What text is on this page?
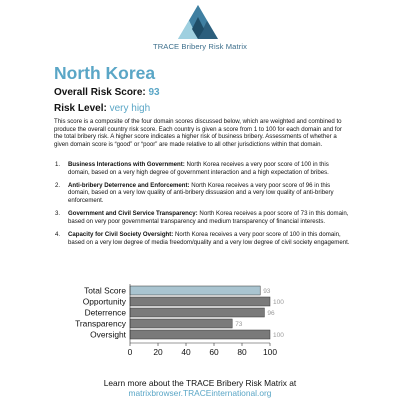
TRACE Bribery Risk Matrix
North Korea
Overall Risk Score: 93
Risk Level: very high
This score is a composite of the four domain scores discussed below, which are weighted and combined to produce the overall country risk score. Each country is given a score from 1 to 100 for each domain and for the total bribery risk. A higher score indicates a higher risk of business bribery. Assessments of whether a given domain score is “good” or “poor” are made relative to all other jurisdictions within that domain.
1. Business Interactions with Government: North Korea receives a very poor score of 100 in this domain, based on a very high degree of government interaction and a high expectation of bribes.
2. Anti-bribery Deterrence and Enforcement: North Korea receives a very poor score of 96 in this domain, based on a very low quality of anti-bribery dissuasion and a very low quality of anti-bribery enforcement.
3. Government and Civil Service Transparency: North Korea receives a poor score of 73 in this domain, based on very poor governmental transparency and medium transparency of financial interests.
4. Capacity for Civil Society Oversight: North Korea receives a very poor score of 100 in this domain, based on a very low degree of media freedom/quality and a very low degree of civil society engagement.
Total Score	93
Opportunity	100
Deterrence	96
Transparency	73
Oversight	100
0	20 40 60 80 100
Learn more about the TRACE Bribery Risk Matrix at
matrixbrowser.TRACEinternational.org
